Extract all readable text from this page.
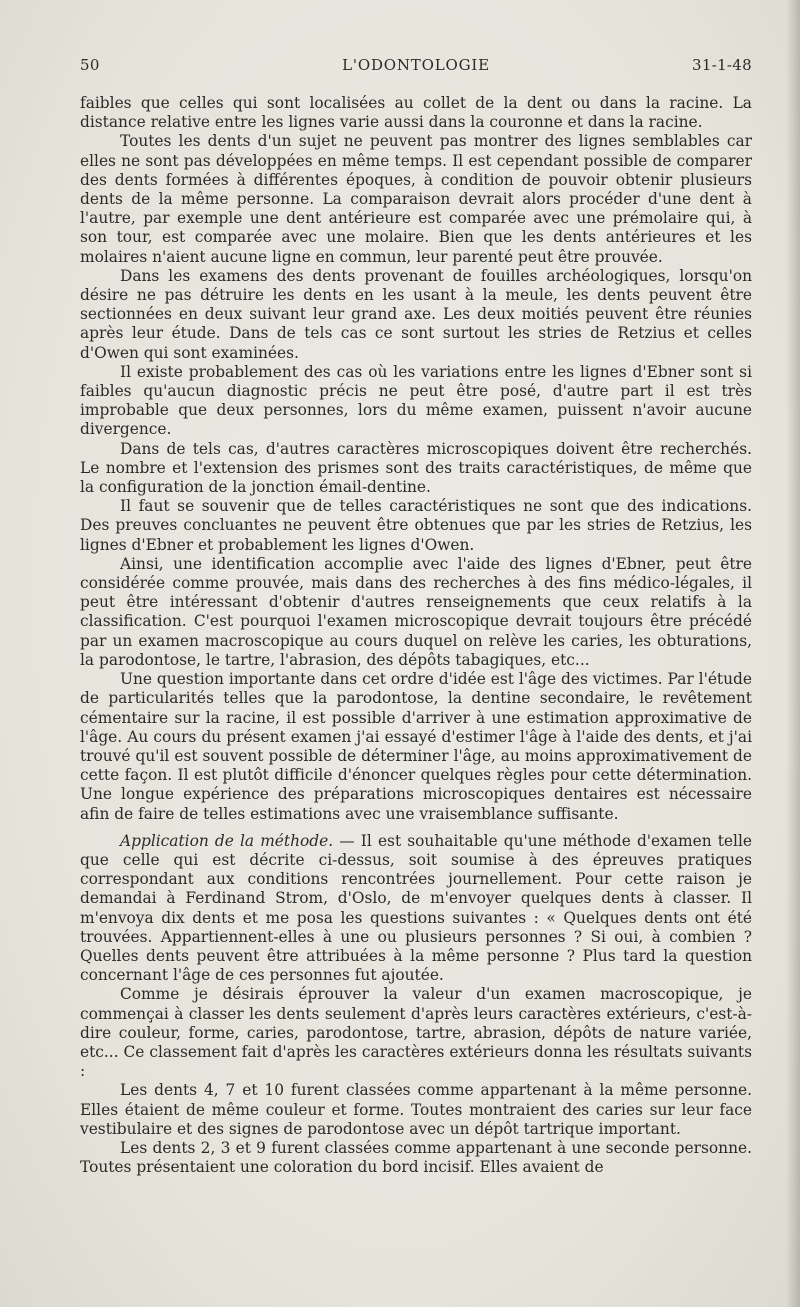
50	L'ODONTOLOGIE	31-1-48

faibles que celles qui sont localisées au collet de la dent ou dans la racine. La distance relative entre les lignes varie aussi dans la couronne et dans la racine.

Toutes les dents d'un sujet ne peuvent pas montrer des lignes semblables car elles ne sont pas développées en même temps. Il est cependant possible de comparer des dents formées à différentes époques, à condition de pouvoir obtenir plusieurs dents de la même personne. La comparaison devrait alors procéder d'une dent à l'autre, par exemple une dent antérieure est comparée avec une prémolaire qui, à son tour, est comparée avec une molaire. Bien que les dents antérieures et les molaires n'aient aucune ligne en commun, leur parenté peut être prouvée.

Dans les examens des dents provenant de fouilles archéologiques, lorsqu'on désire ne pas détruire les dents en les usant à la meule, les dents peuvent être sectionnées en deux suivant leur grand axe. Les deux moitiés peuvent être réunies après leur étude. Dans de tels cas ce sont surtout les stries de Retzius et celles d'Owen qui sont examinées.

Il existe probablement des cas où les variations entre les lignes d'Ebner sont si faibles qu'aucun diagnostic précis ne peut être posé, d'autre part il est très improbable que deux personnes, lors du même examen, puissent n'avoir aucune divergence.

Dans de tels cas, d'autres caractères microscopiques doivent être recherchés. Le nombre et l'extension des prismes sont des traits caractéristiques, de même que la configuration de la jonction émail-dentine.

Il faut se souvenir que de telles caractéristiques ne sont que des indications. Des preuves concluantes ne peuvent être obtenues que par les stries de Retzius, les lignes d'Ebner et probablement les lignes d'Owen.

Ainsi, une identification accomplie avec l'aide des lignes d'Ebner, peut être considérée comme prouvée, mais dans des recherches à des fins médico-légales, il peut être intéressant d'obtenir d'autres renseignements que ceux relatifs à la classification. C'est pourquoi l'examen microscopique devrait toujours être précédé par un examen macroscopique au cours duquel on relève les caries, les obturations, la parodontose, le tartre, l'abrasion, des dépôts tabagiques, etc...

Une question importante dans cet ordre d'idée est l'âge des victimes. Par l'étude de particularités telles que la parodontose, la dentine secondaire, le revêtement cémentaire sur la racine, il est possible d'arriver à une estimation approximative de l'âge. Au cours du présent examen j'ai essayé d'estimer l'âge à l'aide des dents, et j'ai trouvé qu'il est souvent possible de déterminer l'âge, au moins approximativement de cette façon. Il est plutôt difficile d'énoncer quelques règles pour cette détermination. Une longue expérience des préparations microscopiques dentaires est nécessaire afin de faire de telles estimations avec une vraisemblance suffisante.

Application de la méthode. — Il est souhaitable qu'une méthode d'examen telle que celle qui est décrite ci-dessus, soit soumise à des épreuves pratiques correspondant aux conditions rencontrées journellement. Pour cette raison je demandai à Ferdinand Strom, d'Oslo, de m'envoyer quelques dents à classer. Il m'envoya dix dents et me posa les questions suivantes : « Quelques dents ont été trouvées. Appartiennent-elles à une ou plusieurs personnes ? Si oui, à combien ? Quelles dents peuvent être attribuées à la même personne ? Plus tard la question concernant l'âge de ces personnes fut ajoutée.

Comme je désirais éprouver la valeur d'un examen macroscopique, je commençai à classer les dents seulement d'après leurs caractères extérieurs, c'est-à-dire couleur, forme, caries, parodontose, tartre, abrasion, dépôts de nature variée, etc... Ce classement fait d'après les caractères extérieurs donna les résultats suivants :

Les dents 4, 7 et 10 furent classées comme appartenant à la même personne. Elles étaient de même couleur et forme. Toutes montraient des caries sur leur face vestibulaire et des signes de parodontose avec un dépôt tartrique important.

Les dents 2, 3 et 9 furent classées comme appartenant à une seconde personne. Toutes présentaient une coloration du bord incisif. Elles avaient de
